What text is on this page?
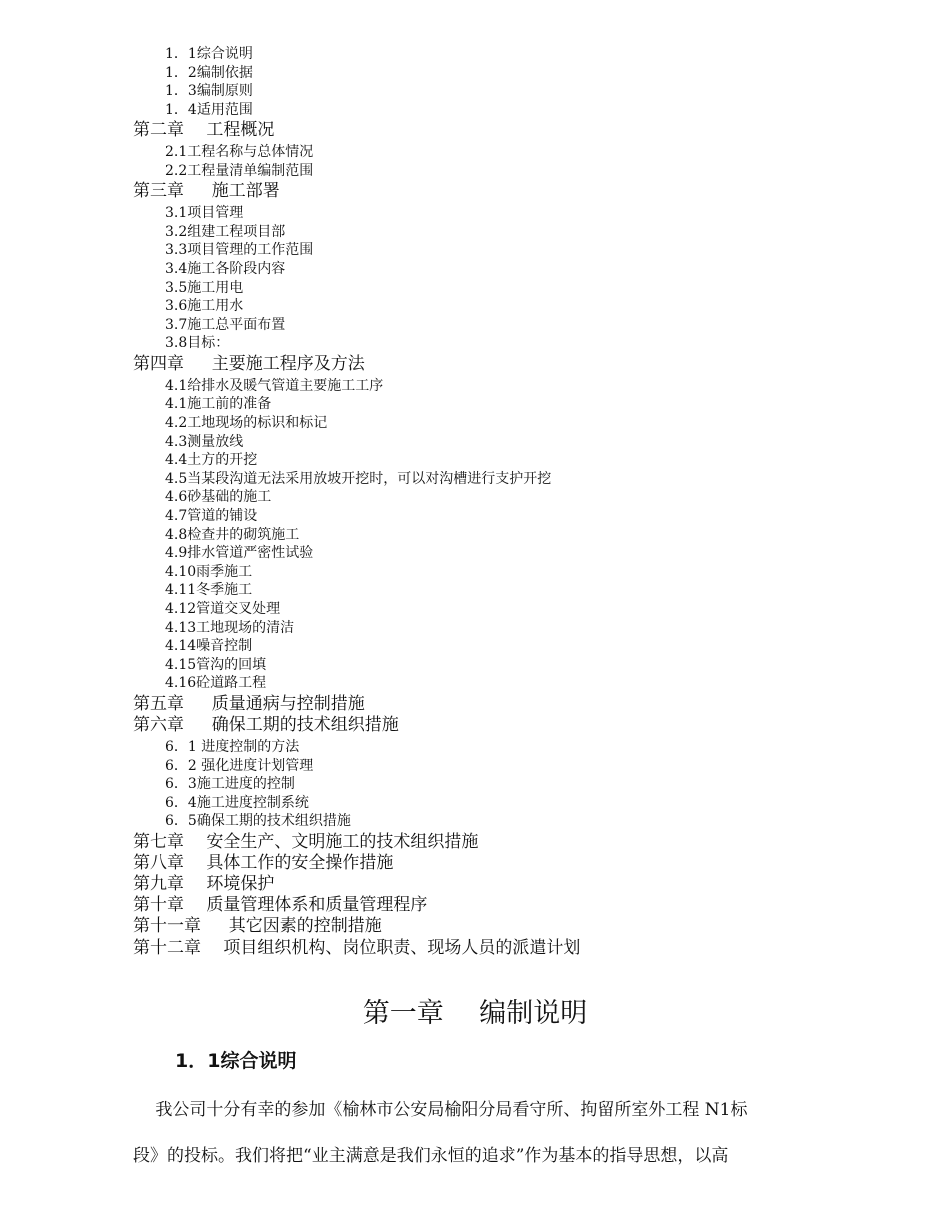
1．1综合说明
1．2编制依据
1．3编制原则
1．4适用范围
第二章　 工程概况
2.1工程名称与总体情况
2.2工程量清单编制范围
第三章 　 施工部署
3.1项目管理
3.2组建工程项目部
3.3项目管理的工作范围
3.4施工各阶段内容
3.5施工用电
3.6施工用水
3.7施工总平面布置
3.8目标：
第四章 　 主要施工程序及方法
4.1给排水及暖气管道主要施工工序
4.1施工前的准备
4.2工地现场的标识和标记
4.3测量放线
4.4土方的开挖
4.5当某段沟道无法采用放坡开挖时，可以对沟槽进行支护开挖
4.6砂基础的施工
4.7管道的铺设
4.8检查井的砌筑施工
4.9排水管道严密性试验
4.10雨季施工
4.11冬季施工
4.12管道交叉处理
4.13工地现场的清洁
4.14噪音控制
4.15管沟的回填
4.16砼道路工程
第五章 　 质量通病与控制措施
第六章 　 确保工期的技术组织措施
6．1 进度控制的方法
6．2 强化进度计划管理
6．3施工进度的控制
6．4施工进度控制系统
6．5确保工期的技术组织措施
第七章　 安全生产、文明施工的技术组织措施
第八章　 具体工作的安全操作措施
第九章　 环境保护
第十章　 质量管理体系和质量管理程序
第十一章 　 其它因素的控制措施
第十二章 　项目组织机构、岗位职责、现场人员的派遣计划
第一章　 编制说明
1．1综合说明
　 我公司十分有幸的参加《榆林市公安局榆阳分局看守所、拘留所室外工程 N1标
段》的投标。我们将把“业主满意是我们永恒的追求”作为基本的指导思想，以高
